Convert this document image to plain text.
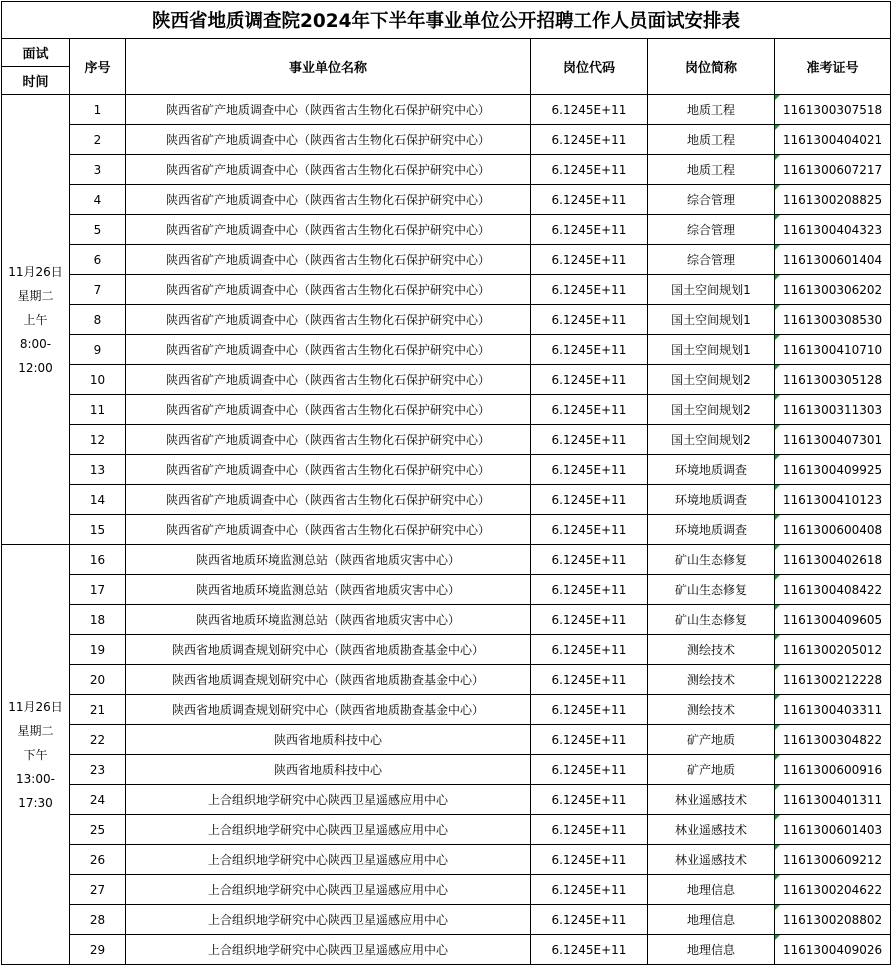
陕西省地质调查院2024年下半年事业单位公开招聘工作人员面试安排表					
面试	序号	事业单位名称	岗位代码	岗位简称	准考证号
时间					

11月26日
星期二
上午
8:00-
12:00	1	陕西省矿产地质调查中心（陕西省古生物化石保护研究中心）	6.1245E+11	地质工程	1161300307518
	2	陕西省矿产地质调查中心（陕西省古生物化石保护研究中心）	6.1245E+11	地质工程	1161300404021
	3	陕西省矿产地质调查中心（陕西省古生物化石保护研究中心）	6.1245E+11	地质工程	1161300607217
	4	陕西省矿产地质调查中心（陕西省古生物化石保护研究中心）	6.1245E+11	综合管理	1161300208825
	5	陕西省矿产地质调查中心（陕西省古生物化石保护研究中心）	6.1245E+11	综合管理	1161300404323
	6	陕西省矿产地质调查中心（陕西省古生物化石保护研究中心）	6.1245E+11	综合管理	1161300601404
	7	陕西省矿产地质调查中心（陕西省古生物化石保护研究中心）	6.1245E+11	国土空间规划1	1161300306202
	8	陕西省矿产地质调查中心（陕西省古生物化石保护研究中心）	6.1245E+11	国土空间规划1	1161300308530
	9	陕西省矿产地质调查中心（陕西省古生物化石保护研究中心）	6.1245E+11	国土空间规划1	1161300410710
	10	陕西省矿产地质调查中心（陕西省古生物化石保护研究中心）	6.1245E+11	国土空间规划2	1161300305128
	11	陕西省矿产地质调查中心（陕西省古生物化石保护研究中心）	6.1245E+11	国土空间规划2	1161300311303
	12	陕西省矿产地质调查中心（陕西省古生物化石保护研究中心）	6.1245E+11	国土空间规划2	1161300407301
	13	陕西省矿产地质调查中心（陕西省古生物化石保护研究中心）	6.1245E+11	环境地质调查	1161300409925
	14	陕西省矿产地质调查中心（陕西省古生物化石保护研究中心）	6.1245E+11	环境地质调查	1161300410123
	15	陕西省矿产地质调查中心（陕西省古生物化石保护研究中心）	6.1245E+11	环境地质调查	1161300600408

11月26日
星期二
下午
13:00-
17:30	16	陕西省地质环境监测总站（陕西省地质灾害中心）	6.1245E+11	矿山生态修复	1161300402618
	17	陕西省地质环境监测总站（陕西省地质灾害中心）	6.1245E+11	矿山生态修复	1161300408422
	18	陕西省地质环境监测总站（陕西省地质灾害中心）	6.1245E+11	矿山生态修复	1161300409605
	19	陕西省地质调查规划研究中心（陕西省地质勘查基金中心）	6.1245E+11	测绘技术	1161300205012
	20	陕西省地质调查规划研究中心（陕西省地质勘查基金中心）	6.1245E+11	测绘技术	1161300212228
	21	陕西省地质调查规划研究中心（陕西省地质勘查基金中心）	6.1245E+11	测绘技术	1161300403311
	22	陕西省地质科技中心	6.1245E+11	矿产地质	1161300304822
	23	陕西省地质科技中心	6.1245E+11	矿产地质	1161300600916
	24	上合组织地学研究中心陕西卫星遥感应用中心	6.1245E+11	林业遥感技术	1161300401311
	25	上合组织地学研究中心陕西卫星遥感应用中心	6.1245E+11	林业遥感技术	1161300601403
	26	上合组织地学研究中心陕西卫星遥感应用中心	6.1245E+11	林业遥感技术	1161300609212
	27	上合组织地学研究中心陕西卫星遥感应用中心	6.1245E+11	地理信息	1161300204622
	28	上合组织地学研究中心陕西卫星遥感应用中心	6.1245E+11	地理信息	1161300208802
	29	上合组织地学研究中心陕西卫星遥感应用中心	6.1245E+11	地理信息	1161300409026
